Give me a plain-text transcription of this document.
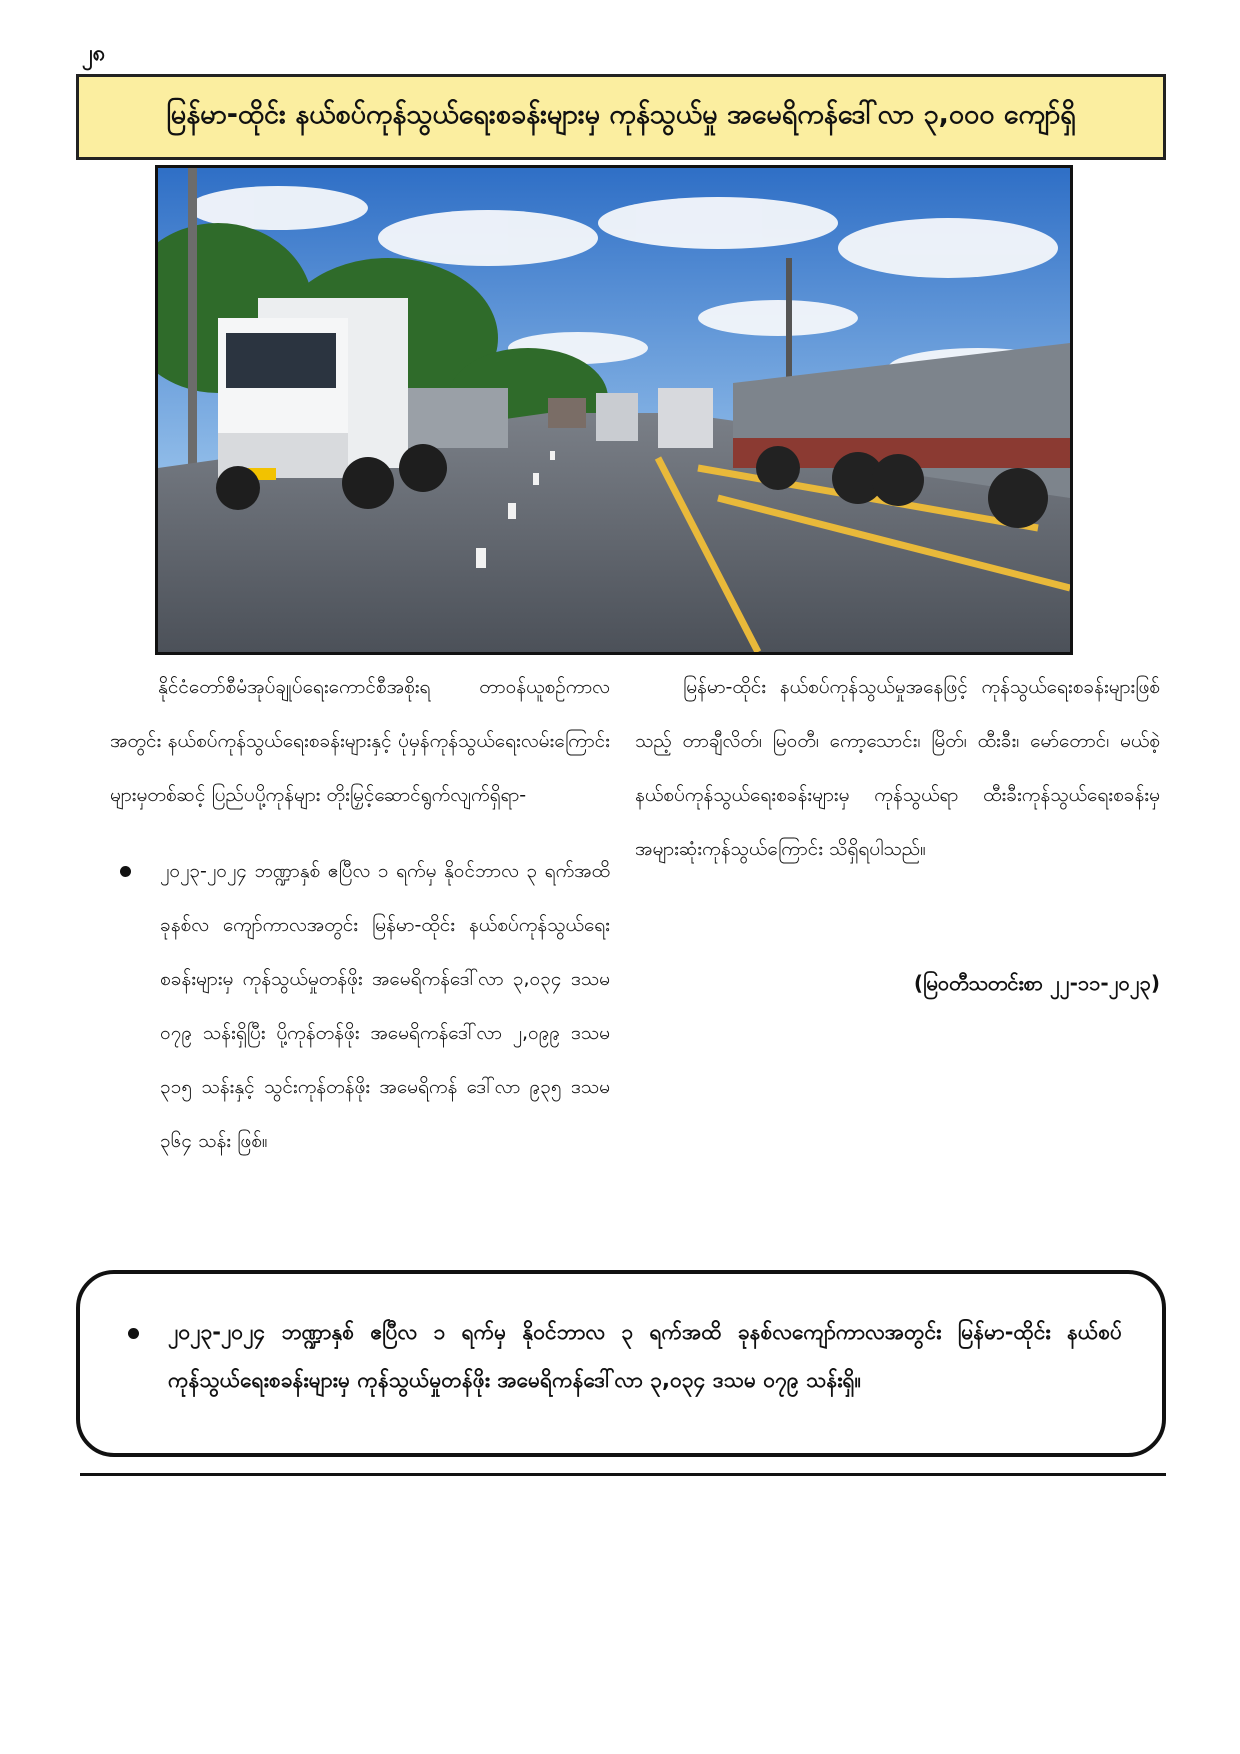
၂၈
မြန်မာ-ထိုင်း နယ်စပ်ကုန်သွယ်ရေးစခန်းများမှ ကုန်သွယ်မှု အမေရိကန်ဒေါ်လာ ၃,၀၀၀ ကျော်ရှိ

နိုင်ငံတော်စီမံအုပ်ချုပ်ရေးကောင်စီအစိုးရ တာဝန်ယူစဉ်ကာလအတွင်း နယ်စပ်ကုန်သွယ်ရေးစခန်းများနှင့် ပုံမှန်ကုန်သွယ်ရေးလမ်းကြောင်းများမှတစ်ဆင့် ပြည်ပပို့ကုန်များ တိုးမြှင့်ဆောင်ရွက်လျက်ရှိရာ-

၂၀၂၃-၂၀၂၄ ဘဏ္ဍာနှစ် ဧပြီလ ၁ ရက်မှ နိုဝင်ဘာလ ၃ ရက်အထိ ခုနစ်လ ကျော်ကာလအတွင်း မြန်မာ-ထိုင်း နယ်စပ်ကုန်သွယ်ရေးစခန်းများမှ ကုန်သွယ်မှုတန်ဖိုး အမေရိကန်ဒေါ်လာ ၃,၀၃၄ ဒသမ ၀၇၉ သန်းရှိပြီး ပို့ကုန်တန်ဖိုး အမေရိကန်ဒေါ်လာ ၂,၀၉၉ ဒသမ ၃၁၅ သန်းနှင့် သွင်းကုန်တန်ဖိုး အမေရိကန် ဒေါ်လာ ၉၃၅ ဒသမ ၃၆၄ သန်း ဖြစ်။

မြန်မာ-ထိုင်း နယ်စပ်ကုန်သွယ်မှုအနေဖြင့် ကုန်သွယ်ရေးစခန်းများဖြစ်သည့် တာချီလိတ်၊ မြဝတီ၊ ကော့သောင်း၊ မြိတ်၊ ထီးခီး၊ မော်တောင်၊ မယ်စဲ့နယ်စပ်ကုန်သွယ်ရေးစခန်းများမှ ကုန်သွယ်ရာ ထီးခီးကုန်သွယ်ရေးစခန်းမှ အများဆုံးကုန်သွယ်ကြောင်း သိရှိရပါသည်။

(မြဝတီသတင်းစာ ၂၂-၁၁-၂၀၂၃)

၂၀၂၃-၂၀၂၄ ဘဏ္ဍာနှစ် ဧပြီလ ၁ ရက်မှ နိုဝင်ဘာလ ၃ ရက်အထိ ခုနစ်လကျော်ကာလအတွင်း မြန်မာ-ထိုင်း နယ်စပ်ကုန်သွယ်ရေးစခန်းများမှ ကုန်သွယ်မှုတန်ဖိုး အမေရိကန်ဒေါ်လာ ၃,၀၃၄ ဒသမ ၀၇၉ သန်းရှိ။
